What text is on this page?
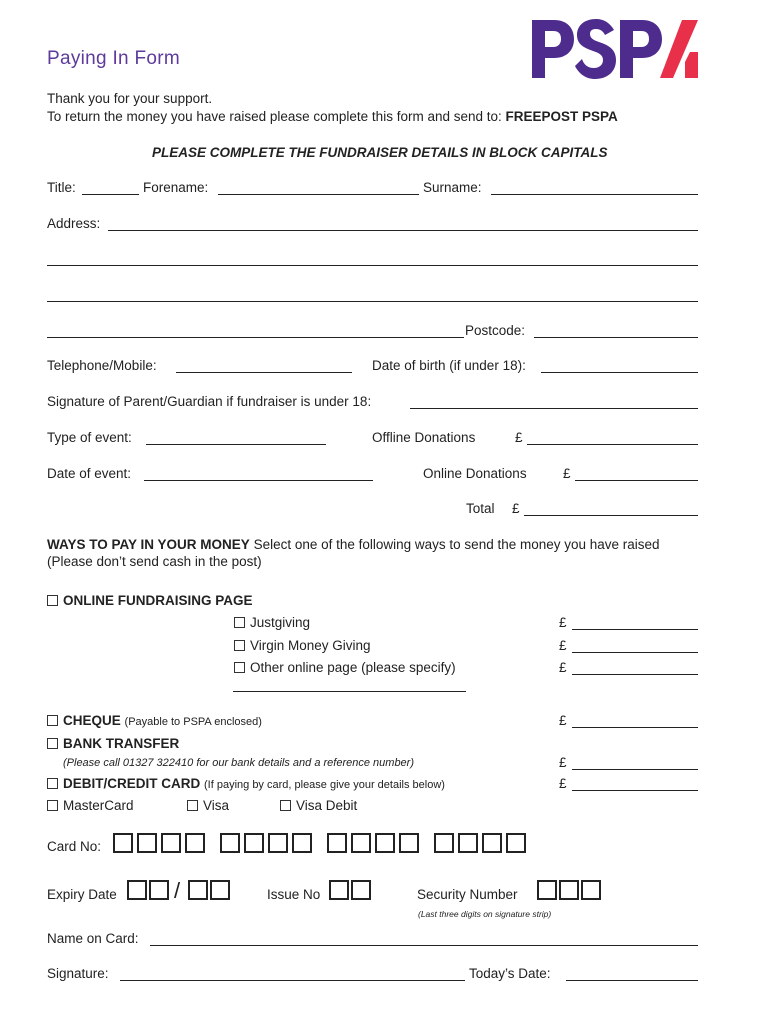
Paying In Form
Thank you for your support.
To return the money you have raised please complete this form and send to: FREEPOST PSPA
PLEASE COMPLETE THE FUNDRAISER DETAILS IN BLOCK CAPITALS
Title:	Forename:	Surname:
Address:
Postcode:
Telephone/Mobile:	Date of birth (if under 18):
Signature of Parent/Guardian if fundraiser is under 18:
Type of event:	Offline Donations	£
Date of event:	Online Donations	£
Total £
WAYS TO PAY IN YOUR MONEY Select one of the following ways to send the money you have raised
(Please don’t send cash in the post)
ONLINE FUNDRAISING PAGE
Justgiving	£
Virgin Money Giving	£
Other online page (please specify)	£
CHEQUE (Payable to PSPA enclosed)	£
BANK TRANSFER
(Please call 01327 322410 for our bank details and a reference number)	£
DEBIT/CREDIT CARD (If paying by card, please give your details below)	£
MasterCard	Visa	Visa Debit
Card No:
Expiry Date	/	Issue No	Security Number
(Last three digits on signature strip)
Name on Card:
Signature:	Today’s Date:
